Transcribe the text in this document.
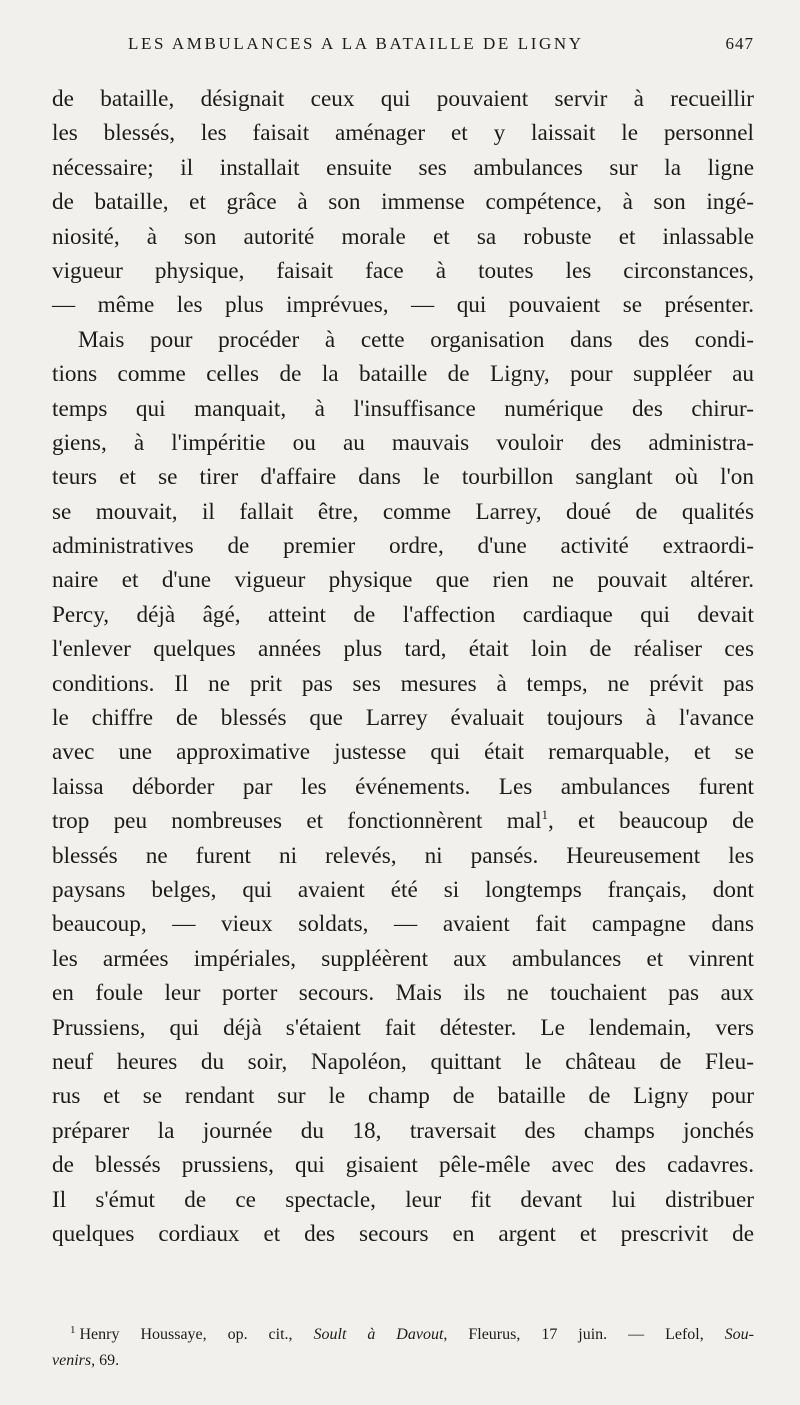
LES AMBULANCES A LA BATAILLE DE LIGNY	647
de bataille, désignait ceux qui pouvaient servir à recueillir
les blessés, les faisait aménager et y laissait le personnel
nécessaire; il installait ensuite ses ambulances sur la ligne
de bataille, et grâce à son immense compétence, à son ingé-
niosité, à son autorité morale et sa robuste et inlassable
vigueur physique, faisait face à toutes les circonstances,
— même les plus imprévues, — qui pouvaient se présenter.
Mais pour procéder à cette organisation dans des condi-
tions comme celles de la bataille de Ligny, pour suppléer au
temps qui manquait, à l'insuffisance numérique des chirur-
giens, à l'impéritie ou au mauvais vouloir des administra-
teurs et se tirer d'affaire dans le tourbillon sanglant où l'on
se mouvait, il fallait être, comme Larrey, doué de qualités
administratives de premier ordre, d'une activité extraordi-
naire et d'une vigueur physique que rien ne pouvait altérer.
Percy, déjà âgé, atteint de l'affection cardiaque qui devait
l'enlever quelques années plus tard, était loin de réaliser ces
conditions. Il ne prit pas ses mesures à temps, ne prévit pas
le chiffre de blessés que Larrey évaluait toujours à l'avance
avec une approximative justesse qui était remarquable, et se
laissa déborder par les événements. Les ambulances furent
trop peu nombreuses et fonctionnèrent mal$^1$, et beaucoup de
blessés ne furent ni relevés, ni pansés. Heureusement les
paysans belges, qui avaient été si longtemps français, dont
beaucoup, — vieux soldats, — avaient fait campagne dans
les armées impériales, suppléèrent aux ambulances et vinrent
en foule leur porter secours. Mais ils ne touchaient pas aux
Prussiens, qui déjà s'étaient fait détester. Le lendemain, vers
neuf heures du soir, Napoléon, quittant le château de Fleu-
rus et se rendant sur le champ de bataille de Ligny pour
préparer la journée du 18, traversait des champs jonchés
de blessés prussiens, qui gisaient pêle-mêle avec des cadavres.
Il s'émut de ce spectacle, leur fit devant lui distribuer
quelques cordiaux et des secours en argent et prescrivit de
$^1$ Henry Houssaye, op. cit., Soult à Davout, Fleurus, 17 juin. — Lefol, Sou-
venirs, 69.
